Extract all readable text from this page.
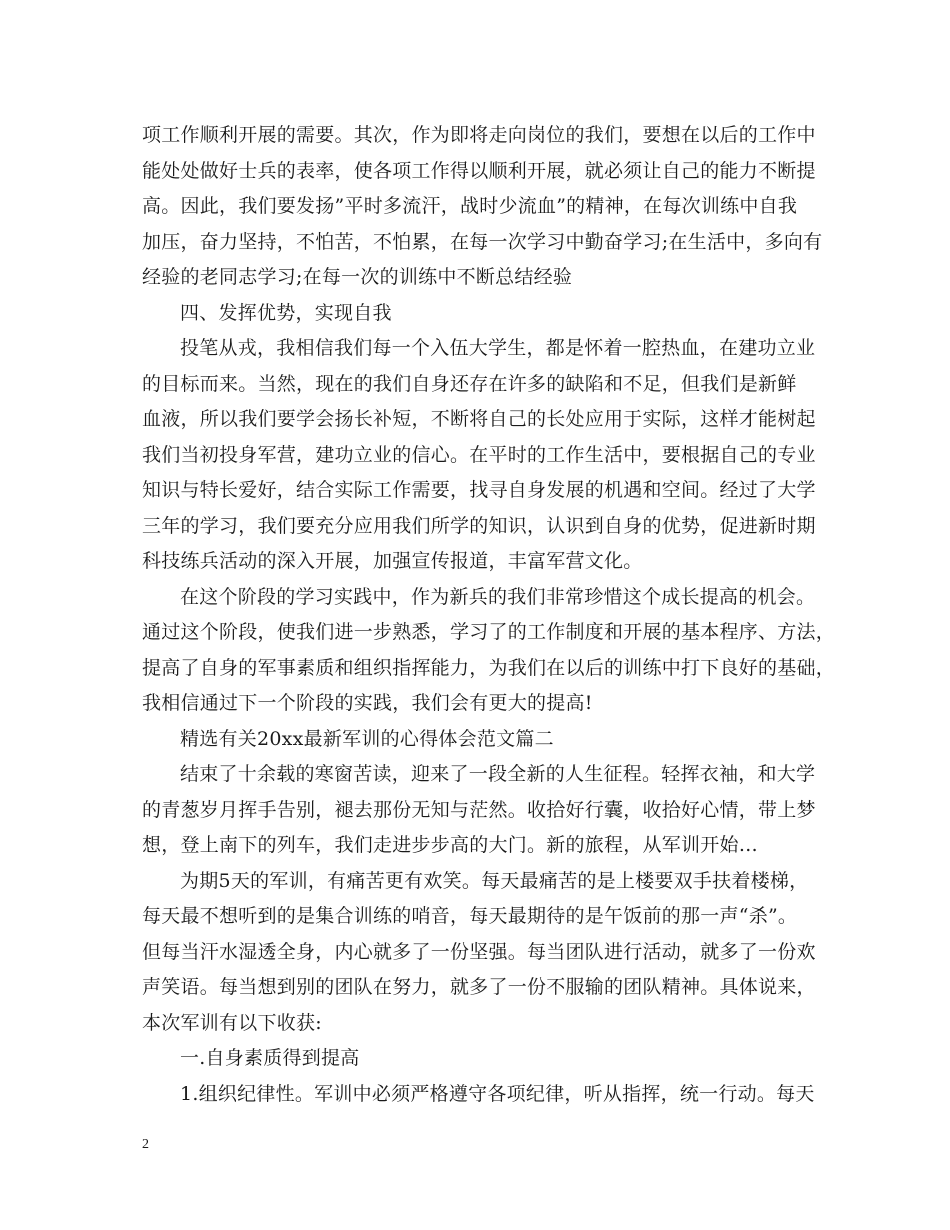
项工作顺利开展的需要。其次，作为即将走向岗位的我们，要想在以后的工作中
能处处做好士兵的表率，使各项工作得以顺利开展，就必须让自己的能力不断提
高。因此，我们要发扬”平时多流汗，战时少流血”的精神，在每次训练中自我
加压，奋力坚持，不怕苦，不怕累，在每一次学习中勤奋学习;在生活中，多向有
经验的老同志学习;在每一次的训练中不断总结经验
四、发挥优势，实现自我
投笔从戎，我相信我们每一个入伍大学生，都是怀着一腔热血，在建功立业
的目标而来。当然，现在的我们自身还存在许多的缺陷和不足，但我们是新鲜
血液，所以我们要学会扬长补短，不断将自己的长处应用于实际，这样才能树起
我们当初投身军营，建功立业的信心。在平时的工作生活中，要根据自己的专业
知识与特长爱好，结合实际工作需要，找寻自身发展的机遇和空间。经过了大学
三年的学习，我们要充分应用我们所学的知识，认识到自身的优势，促进新时期
科技练兵活动的深入开展，加强宣传报道，丰富军营文化。
在这个阶段的学习实践中，作为新兵的我们非常珍惜这个成长提高的机会。
通过这个阶段，使我们进一步熟悉，学习了的工作制度和开展的基本程序、方法，
提高了自身的军事素质和组织指挥能力，为我们在以后的训练中打下良好的基础，
我相信通过下一个阶段的实践，我们会有更大的提高!
精选有关20xx最新军训的心得体会范文篇二
结束了十余载的寒窗苦读，迎来了一段全新的人生征程。轻挥衣袖，和大学
的青葱岁月挥手告别，褪去那份无知与茫然。收拾好行囊，收拾好心情，带上梦
想，登上南下的列车，我们走进步步高的大门。新的旅程，从军训开始…
为期5天的军训，有痛苦更有欢笑。每天最痛苦的是上楼要双手扶着楼梯，
每天最不想听到的是集合训练的哨音，每天最期待的是午饭前的那一声“杀”。
但每当汗水湿透全身，内心就多了一份坚强。每当团队进行活动，就多了一份欢
声笑语。每当想到别的团队在努力，就多了一份不服输的团队精神。具体说来，
本次军训有以下收获:
一.自身素质得到提高
1.组织纪律性。军训中必须严格遵守各项纪律，听从指挥，统一行动。每天
2
